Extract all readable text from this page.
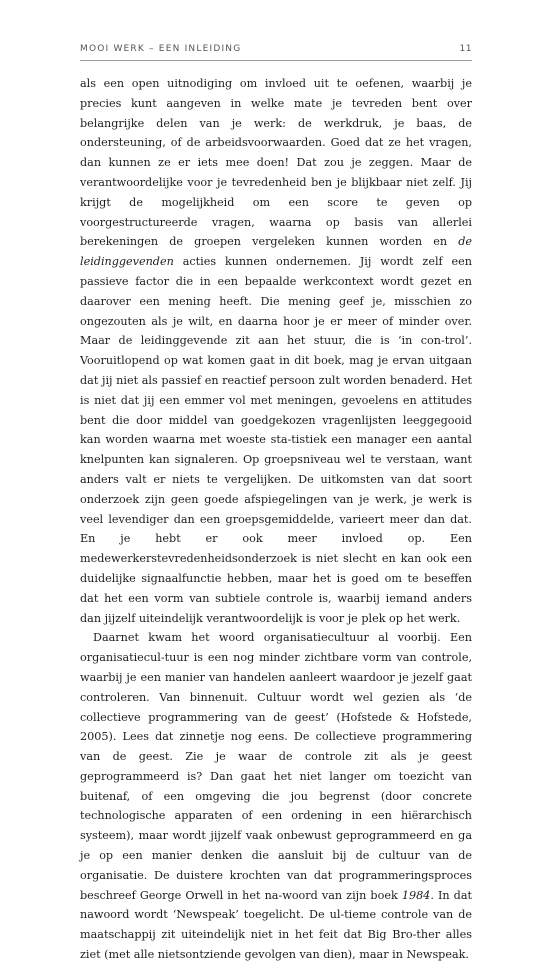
MOOI WERK – EEN INLEIDING	11

als een open uitnodiging om invloed uit te oefenen, waarbij je precies kunt aangeven in welke mate je tevreden bent over belangrijke delen van je werk: de werkdruk, je baas, de ondersteuning, of de arbeidsvoorwaarden. Goed dat ze het vragen, dan kunnen ze er iets mee doen! Dat zou je zeggen. Maar de verantwoordelijke voor je tevredenheid ben je blijkbaar niet zelf. Jij krijgt de mogelijkheid om een score te geven op voorgestructureerde vragen, waarna op basis van allerlei berekeningen de groepen vergeleken kunnen worden en de leidinggevenden acties kunnen ondernemen. Jij wordt zelf een passieve factor die in een bepaalde werkcontext wordt gezet en daarover een mening heeft. Die mening geef je, misschien zo ongezouten als je wilt, en daarna hoor je er meer of minder over. Maar de leidinggevende zit aan het stuur, die is ‘in con-trol’. Vooruitlopend op wat komen gaat in dit boek, mag je ervan uitgaan dat jij niet als passief en reactief persoon zult worden benaderd. Het is niet dat jij een emmer vol met meningen, gevoelens en attitudes bent die door middel van goedgekozen vragenlijsten leeggegooid kan worden waarna met woeste sta-tistiek een manager een aantal knelpunten kan signaleren. Op groepsniveau wel te verstaan, want anders valt er niets te vergelijken. De uitkomsten van dat soort onderzoek zijn geen goede afspiegelingen van je werk, je werk is veel levendiger dan een groepsgemiddelde, varieert meer dan dat. En je hebt er ook meer invloed op. Een medewerkerstevredenheidsonderzoek is niet slecht en kan ook een duidelijke signaalfunctie hebben, maar het is goed om te beseffen dat het een vorm van subtiele controle is, waarbij iemand anders dan jijzelf uiteindelijk verantwoordelijk is voor je plek op het werk.

Daarnet kwam het woord organisatiecultuur al voorbij. Een organisatiecul-tuur is een nog minder zichtbare vorm van controle, waarbij je een manier van handelen aanleert waardoor je jezelf gaat controleren. Van binnenuit. Cultuur wordt wel gezien als ‘de collectieve programmering van de geest’ (Hofstede & Hofstede, 2005). Lees dat zinnetje nog eens. De collectieve programmering van de geest. Zie je waar de controle zit als je geest geprogrammeerd is? Dan gaat het niet langer om toezicht van buitenaf, of een omgeving die jou begrenst (door concrete technologische apparaten of een ordening in een hiërarchisch systeem), maar wordt jijzelf vaak onbewust geprogrammeerd en ga je op een manier denken die aansluit bij de cultuur van de organisatie. De duistere krochten van dat programmeringsproces beschreef George Orwell in het na-woord van zijn boek 1984. In dat nawoord wordt ‘Newspeak’ toegelicht. De ul-tieme controle van de maatschappij zit uiteindelijk niet in het feit dat Big Bro-ther alles ziet (met alle nietsontziende gevolgen van dien), maar in Newspeak.
